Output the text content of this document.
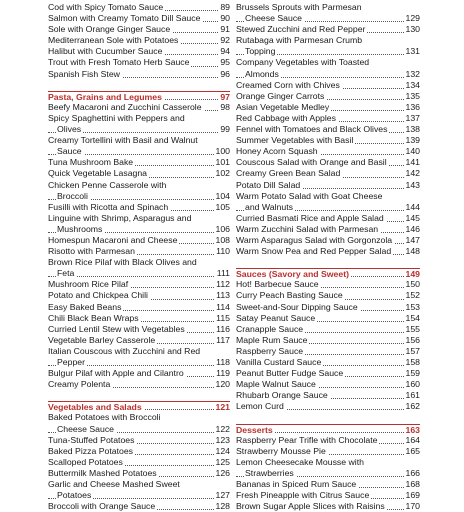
89
Cod with Spicy Tomato Sauce
90
Salmon with Creamy Tomato Dill Sauce
91
Sole with Orange Ginger Sauce
92
Mediterranean Sole with Potatoes
94
Halibut with Cucumber Sauce
95
Trout with Fresh Tomato Herb Sauce
96
Spanish Fish Stew
97
Pasta, Grains and Legumes
98
Beefy Macaroni and Zucchini Casserole
Spicy Spaghettini with Peppers and
99
Olives
Creamy Tortellini with Basil and Walnut
100
Sauce
101
Tuna Mushroom Bake
102
Quick Vegetable Lasagna
Chicken Penne Casserole with
104
Broccoli
105
Fusilli with Ricotta and Spinach
Linguine with Shrimp, Asparagus and
106
Mushrooms
108
Homespun Macaroni and Cheese
110
Risotto with Parmesan
Brown Rice Pilaf with Black Olives and
111
Feta
112
Mushroom Rice Pilaf
113
Potato and Chickpea Chili
114
Easy Baked Beans
115
Chili Black Bean Wraps
116
Curried Lentil Stew with Vegetables
117
Vegetable Barley Casserole
Italian Couscous with Zucchini and Red
118
Pepper
119
Bulgur Pilaf with Apple and Cilantro
120
Creamy Polenta
121
Vegetables and Salads
Baked Potatoes with Broccoli
122
Cheese Sauce
123
Tuna-Stuffed Potatoes
124
Baked Pizza Potatoes
125
Scalloped Potatoes
126
Buttermilk Mashed Potatoes
Garlic and Cheese Mashed Sweet
127
Potatoes
128
Broccoli with Orange Sauce
Brussels Sprouts with Parmesan
129
Cheese Sauce
130
Stewed Zucchini and Red Pepper
Rutabaga with Parmesan Crumb
131
Topping
Company Vegetables with Toasted
132
Almonds
134
Creamed Corn with Chives
135
Orange Ginger Carrots
136
Asian Vegetable Medley
137
Red Cabbage with Apples
138
Fennel with Tomatoes and Black Olives
139
Summer Vegetables with Basil
140
Honey Acorn Squash
141
Couscous Salad with Orange and Basil
142
Creamy Green Bean Salad
143
Potato Dill Salad
Warm Potato Salad with Goat Cheese
144
and Walnuts
145
Curried Basmati Rice and Apple Salad
146
Warm Zucchini Salad with Parmesan
147
Warm Asparagus Salad with Gorgonzola
148
Warm Snow Pea and Red Pepper Salad
149
Sauces (Savory and Sweet)
150
Hot! Barbecue Sauce
152
Curry Peach Basting Sauce
153
Sweet-and-Sour Dipping Sauce
154
Satay Peanut Sauce
155
Cranapple Sauce
156
Maple Rum Sauce
157
Raspberry Sauce
158
Vanilla Custard Sauce
159
Peanut Butter Fudge Sauce
160
Maple Walnut Sauce
161
Rhubarb Orange Sauce
162
Lemon Curd
163
Desserts
164
Raspberry Pear Trifle with Chocolate
165
Strawberry Mousse Pie
Lemon Cheesecake Mousse with
166
Strawberries
168
Bananas in Spiced Rum Sauce
169
Fresh Pineapple with Citrus Sauce
170
Brown Sugar Apple Slices with Raisins
